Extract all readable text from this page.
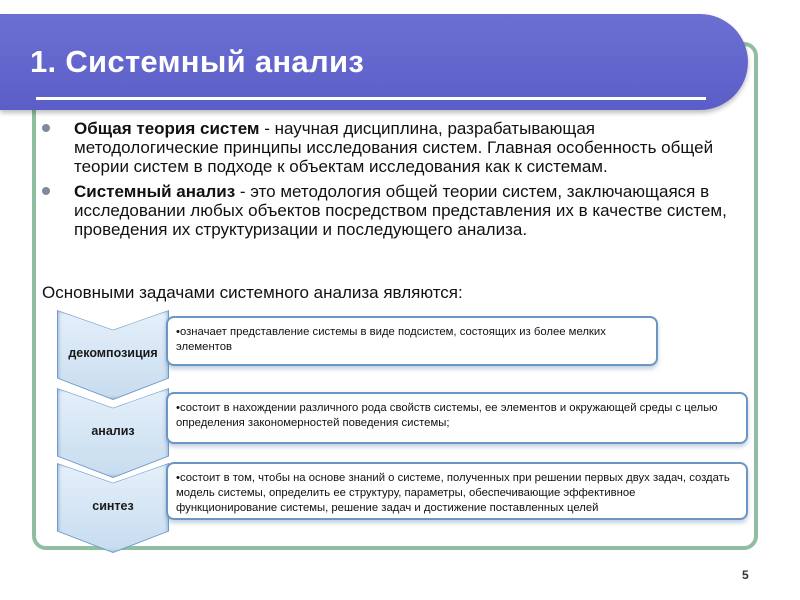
1. Системный анализ
Общая теория систем - научная дисциплина, разрабатывающая методологические принципы исследования систем. Главная особенность общей теории систем в подходе к объектам исследования как к системам.
Системный анализ - это методология общей теории систем, заключающаяся в исследовании любых объектов посредством представления их в качестве систем, проведения их структуризации и последующего анализа.
Основными задачами системного анализа являются:
декомпозиция
•означает представление системы в виде подсистем, состоящих из более мелких элементов
анализ
•состоит в нахождении различного рода свойств системы, ее элементов и окружающей среды с целью определения закономерностей поведения системы;
синтез
•состоит в том, чтобы на основе знаний о системе, полученных при решении первых двух задач, создать модель системы, определить ее структуру, параметры, обеспечивающие эффективное функционирование системы, решение задач и достижение поставленных целей
5
